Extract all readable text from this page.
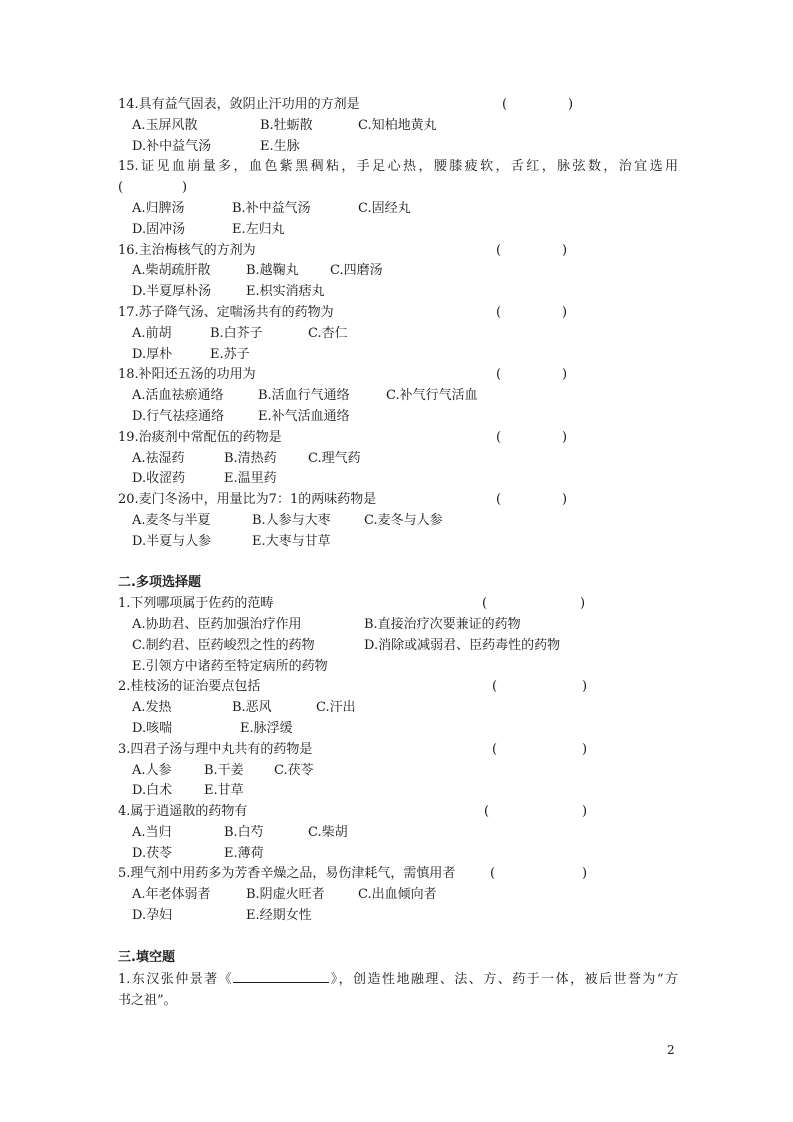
14.具有益气固表，敛阴止汗功用的方剂是	(	)
A.玉屏风散	B.牡蛎散	C.知柏地黄丸
D.补中益气汤	E.生脉
15.证见血崩量多，血色紫黑稠粘，手足心热，腰膝疲软，舌红，脉弦数，治宜选用
(	)
A.归脾汤	B.补中益气汤	C.固经丸
D.固冲汤	E.左归丸
16.主治梅核气的方剂为	(	)
A.柴胡疏肝散	B.越鞠丸 C.四磨汤
D.半夏厚朴汤	E.枳实消痞丸
17.苏子降气汤、定喘汤共有的药物为	(	)
A.前胡	B.白芥子	C.杏仁
D.厚朴	E.苏子
18.补阳还五汤的功用为	(	)
A.活血祛瘀通络	B.活血行气通络	C.补气行气活血
D.行气祛痉通络	E.补气活血通络
19.治痰剂中常配伍的药物是	(	)
A.祛湿药	B.清热药 C.理气药
D.收涩药	E.温里药
20.麦门冬汤中，用量比为7：1的两味药物是	(	)
A.麦冬与半夏	B.人参与大枣	C.麦冬与人参
D.半夏与人参	E.大枣与甘草
二.多项选择题
1.下列哪项属于佐药的范畴	(	)
A.协助君、臣药加强治疗作用	B.直接治疗次要兼证的药物
C.制约君、臣药峻烈之性的药物	D.消除或减弱君、臣药毒性的药物
E.引领方中诸药至特定病所的药物
2.桂枝汤的证治要点包括	(	)
A.发热	B.恶风	C.汗出
D.咳喘	E.脉浮缓
3.四君子汤与理中丸共有的药物是	(	)
A.人参 B.干姜 C.茯苓
D.白术 E.甘草
4.属于逍遥散的药物有	(	)
A.当归	B.白芍	C.柴胡
D.茯苓	E.薄荷
5.理气剂中用药多为芳香辛燥之品，易伤津耗气，需慎用者	(	)
A.年老体弱者	B.阴虚火旺者	C.出血倾向者
D.孕妇	E.经期女性
三.填空题
1.东汉张仲景著《	》，创造性地融理、法、方、药于一体，被后世誉为“方
书之祖”。
2
